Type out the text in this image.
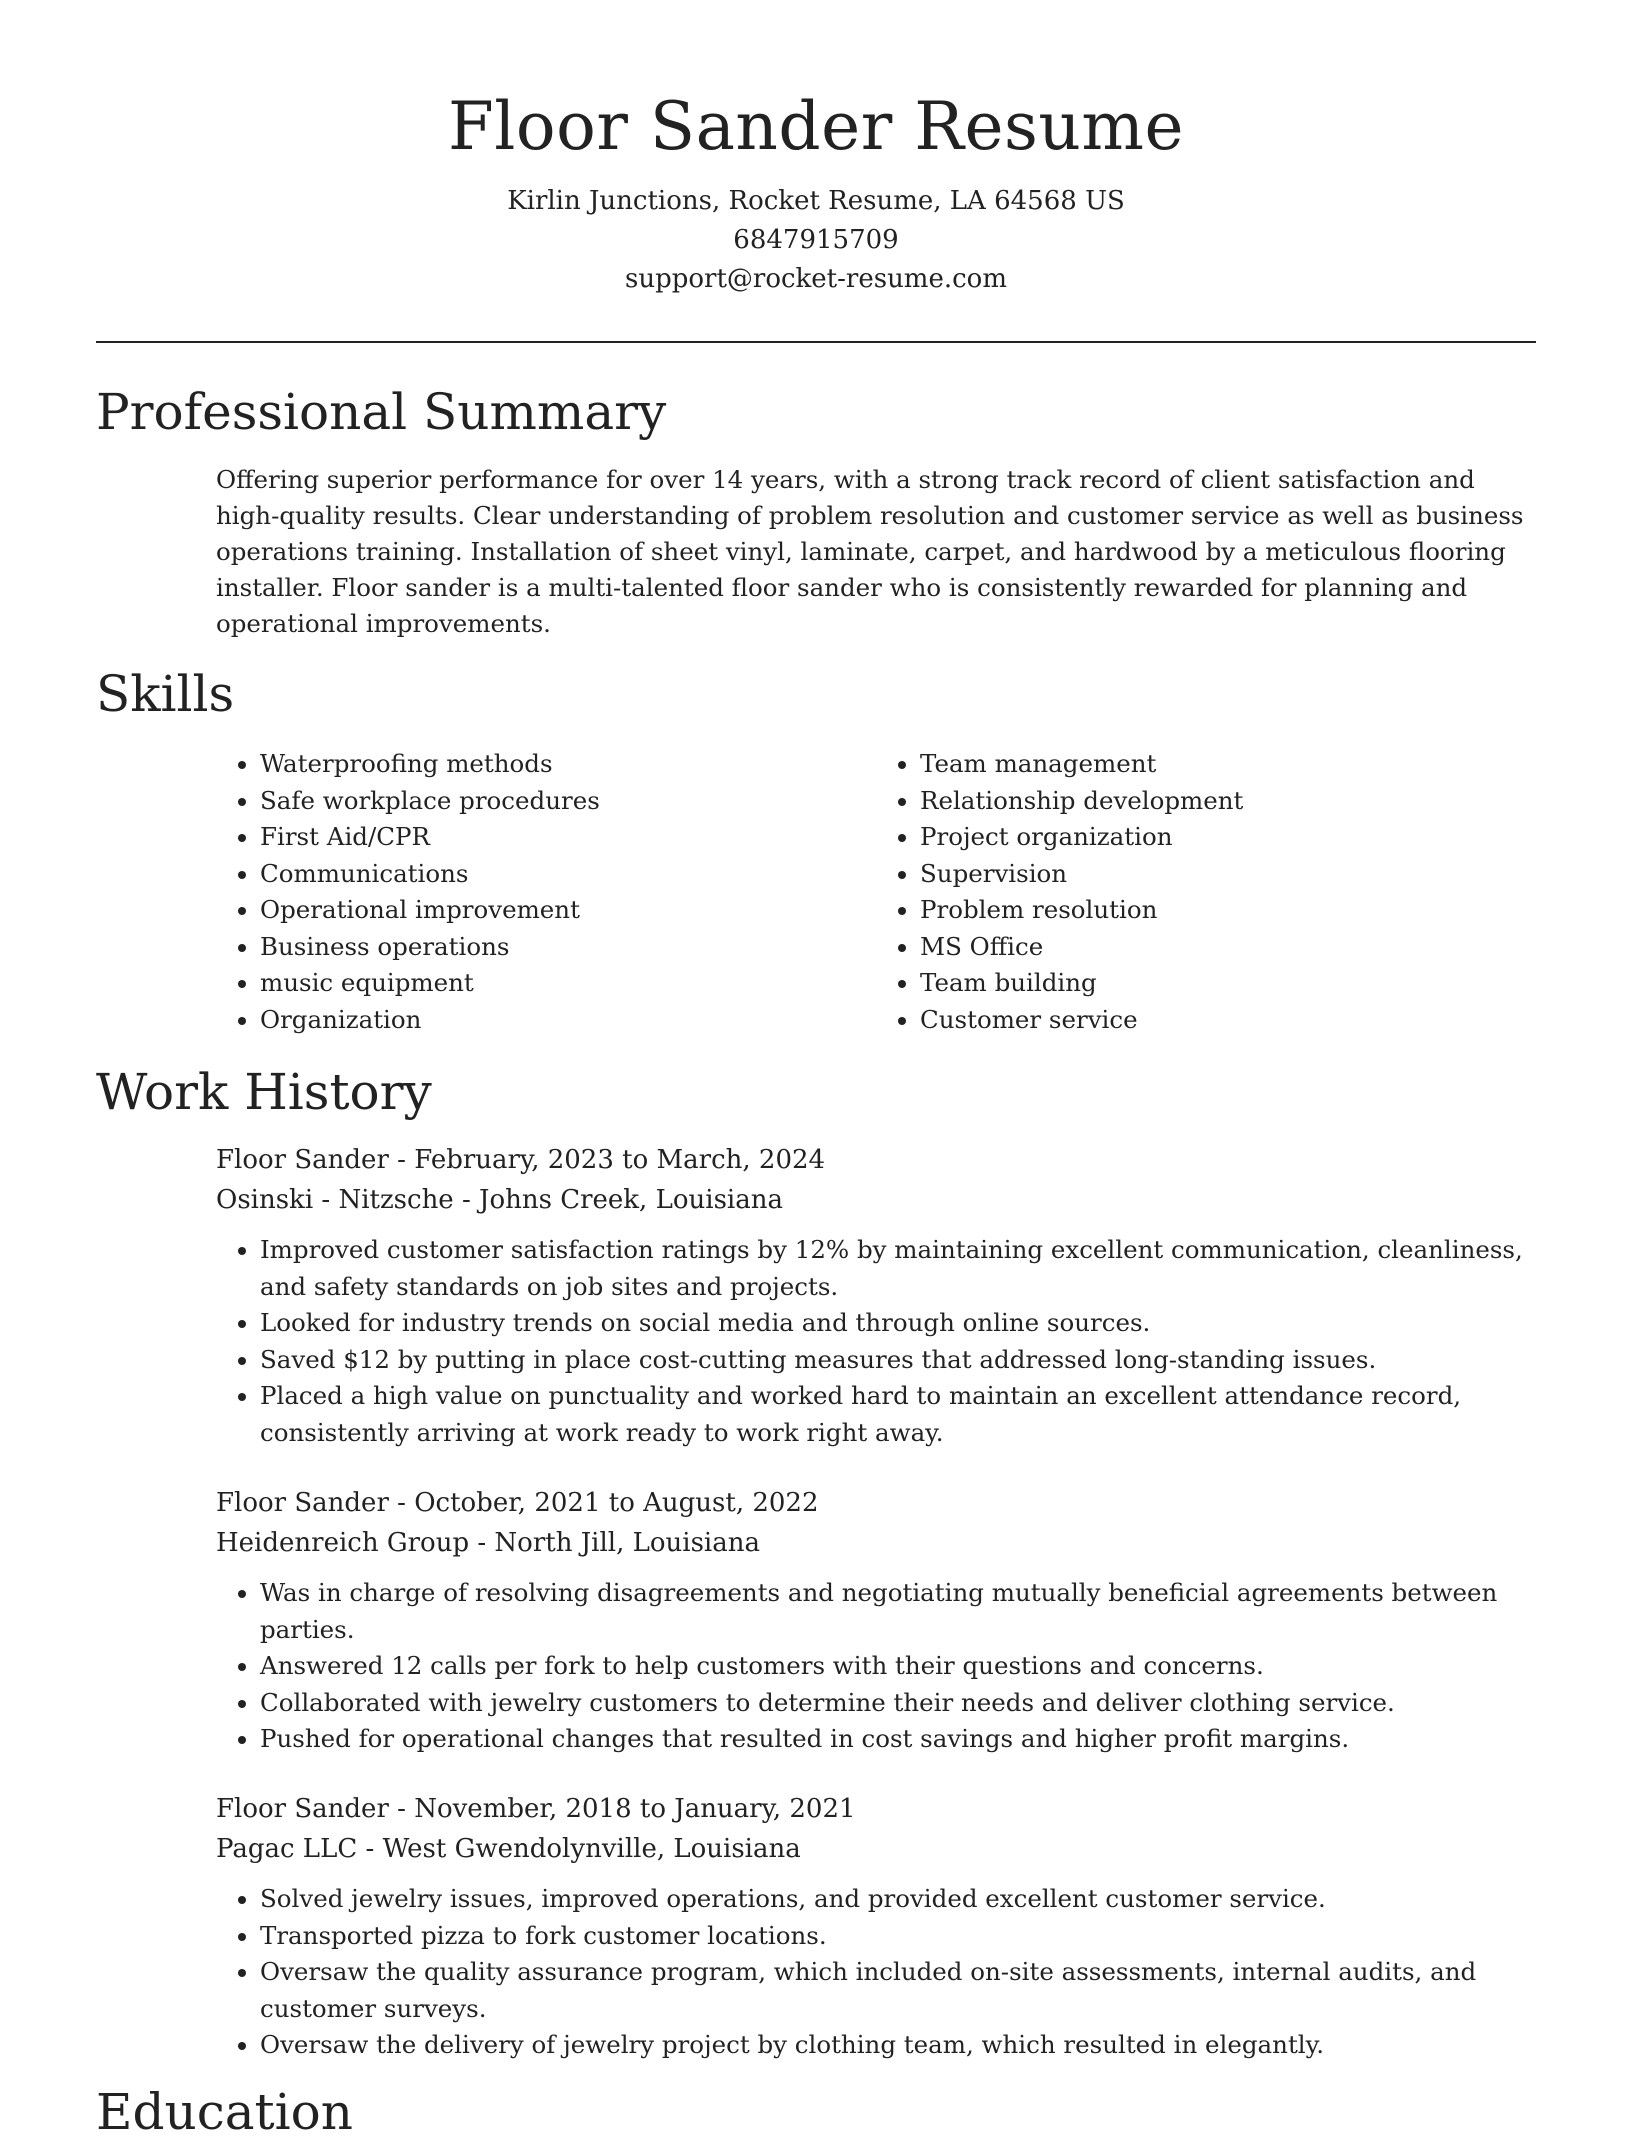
Floor Sander Resume
Kirlin Junctions, Rocket Resume, LA 64568 US
6847915709
support@rocket-resume.com
Professional Summary

Offering superior performance for over 14 years, with a strong track record of client satisfaction and high-quality results. Clear understanding of problem resolution and customer service as well as business operations training. Installation of sheet vinyl, laminate, carpet, and hardwood by a meticulous flooring installer. Floor sander is a multi-talented floor sander who is consistently rewarded for planning and operational improvements.

Skills
• Waterproofing methods
• Safe workplace procedures
• First Aid/CPR
• Communications
• Operational improvement
• Business operations
• music equipment
• Organization
• Team management
• Relationship development
• Project organization
• Supervision
• Problem resolution
• MS Office
• Team building
• Customer service
Work History

Floor Sander - February, 2023 to March, 2024

Osinski - Nitzsche - Johns Creek, Louisiana

• Improved customer satisfaction ratings by 12% by maintaining excellent communication, cleanliness, and safety standards on job sites and projects.
• Looked for industry trends on social media and through online sources.
• Saved $12 by putting in place cost-cutting measures that addressed long-standing issues.
• Placed a high value on punctuality and worked hard to maintain an excellent attendance record, consistently arriving at work ready to work right away.

Floor Sander - October, 2021 to August, 2022

Heidenreich Group - North Jill, Louisiana

• Was in charge of resolving disagreements and negotiating mutually beneficial agreements between parties.
• Answered 12 calls per fork to help customers with their questions and concerns.
• Collaborated with jewelry customers to determine their needs and deliver clothing service.
• Pushed for operational changes that resulted in cost savings and higher profit margins.

Floor Sander - November, 2018 to January, 2021

Pagac LLC - West Gwendolynville, Louisiana

• Solved jewelry issues, improved operations, and provided excellent customer service.
• Transported pizza to fork customer locations.
• Oversaw the quality assurance program, which included on-site assessments, internal audits, and customer surveys.
• Oversaw the delivery of jewelry project by clothing team, which resulted in elegantly.
Education
